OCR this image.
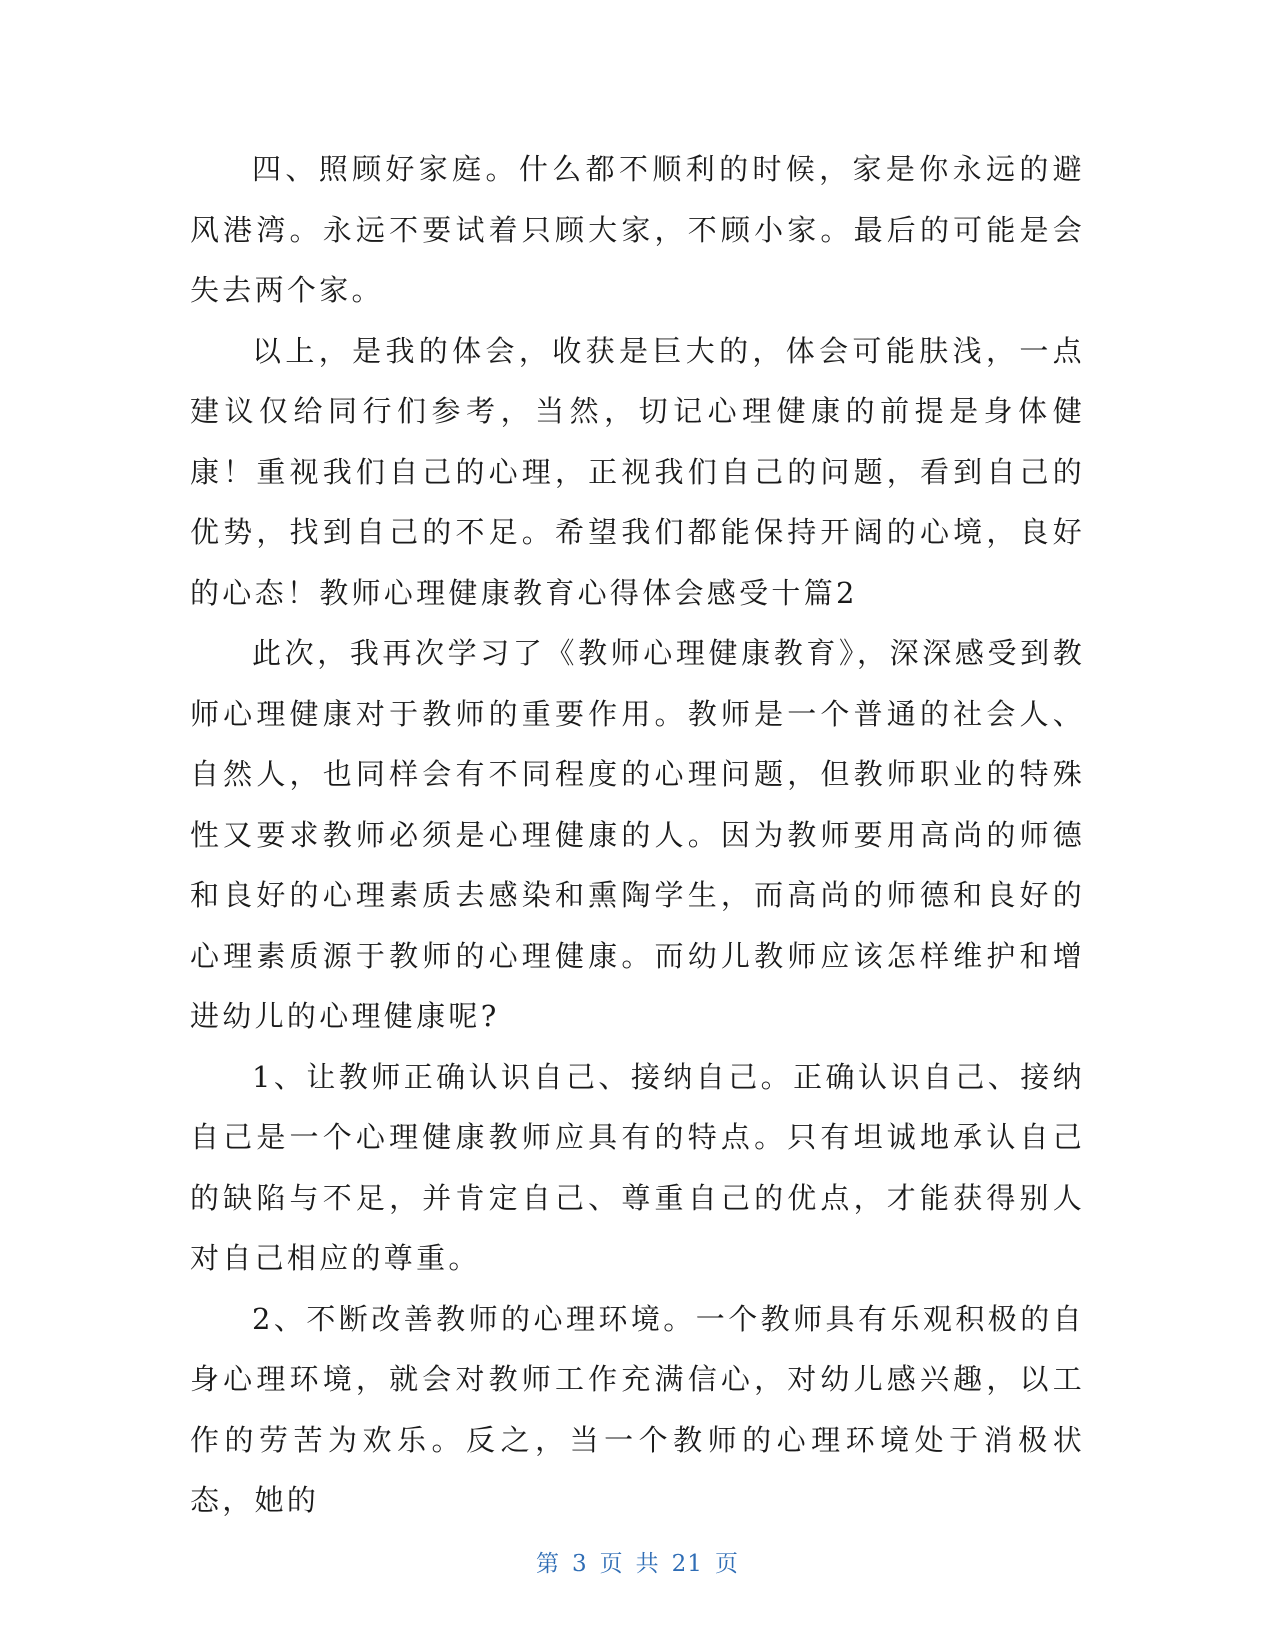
四、照顾好家庭。什么都不顺利的时候，家是你永远的避风港湾。永远不要试着只顾大家，不顾小家。最后的可能是会失去两个家。

以上，是我的体会，收获是巨大的，体会可能肤浅，一点建议仅给同行们参考，当然，切记心理健康的前提是身体健康！重视我们自己的心理，正视我们自己的问题，看到自己的优势，找到自己的不足。希望我们都能保持开阔的心境，良好的心态！教师心理健康教育心得体会感受十篇2

此次，我再次学习了《教师心理健康教育》，深深感受到教师心理健康对于教师的重要作用。教师是一个普通的社会人、自然人，也同样会有不同程度的心理问题，但教师职业的特殊性又要求教师必须是心理健康的人。因为教师要用高尚的师德和良好的心理素质去感染和熏陶学生，而高尚的师德和良好的心理素质源于教师的心理健康。而幼儿教师应该怎样维护和增进幼儿的心理健康呢?

1、让教师正确认识自己、接纳自己。正确认识自己、接纳自己是一个心理健康教师应具有的特点。只有坦诚地承认自己的缺陷与不足，并肯定自己、尊重自己的优点，才能获得别人对自己相应的尊重。

2、不断改善教师的心理环境。一个教师具有乐观积极的自身心理环境，就会对教师工作充满信心，对幼儿感兴趣，以工作的劳苦为欢乐。反之，当一个教师的心理环境处于消极状态，她的

第 3 页 共 21 页
